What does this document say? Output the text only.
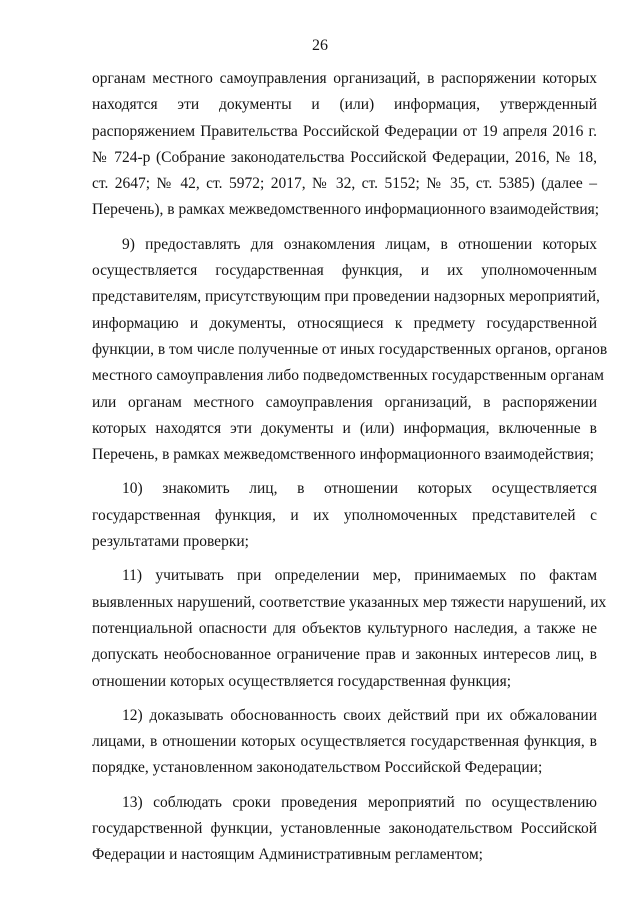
26

органам местного самоуправления организаций, в распоряжении которых
находятся эти документы и (или) информация, утвержденный
распоряжением Правительства Российской Федерации от 19 апреля 2016 г.
№ 724-р (Собрание законодательства Российской Федерации, 2016, № 18,
ст. 2647; № 42, ст. 5972; 2017, № 32, ст. 5152; № 35, ст. 5385) (далее –
Перечень), в рамках межведомственного информационного взаимодействия;

9) предоставлять для ознакомления лицам, в отношении которых
осуществляется государственная функция, и их уполномоченным
представителям, присутствующим при проведении надзорных мероприятий,
информацию и документы, относящиеся к предмету государственной
функции, в том числе полученные от иных государственных органов, органов
местного самоуправления либо подведомственных государственным органам
или органам местного самоуправления организаций, в распоряжении
которых находятся эти документы и (или) информация, включенные в
Перечень, в рамках межведомственного информационного взаимодействия;

10) знакомить лиц, в отношении которых осуществляется
государственная функция, и их уполномоченных представителей с
результатами проверки;

11) учитывать при определении мер, принимаемых по фактам
выявленных нарушений, соответствие указанных мер тяжести нарушений, их
потенциальной опасности для объектов культурного наследия, а также не
допускать необоснованное ограничение прав и законных интересов лиц, в
отношении которых осуществляется государственная функция;

12) доказывать обоснованность своих действий при их обжаловании
лицами, в отношении которых осуществляется государственная функция, в
порядке, установленном законодательством Российской Федерации;

13) соблюдать сроки проведения мероприятий по осуществлению
государственной функции, установленные законодательством Российской
Федерации и настоящим Административным регламентом;
